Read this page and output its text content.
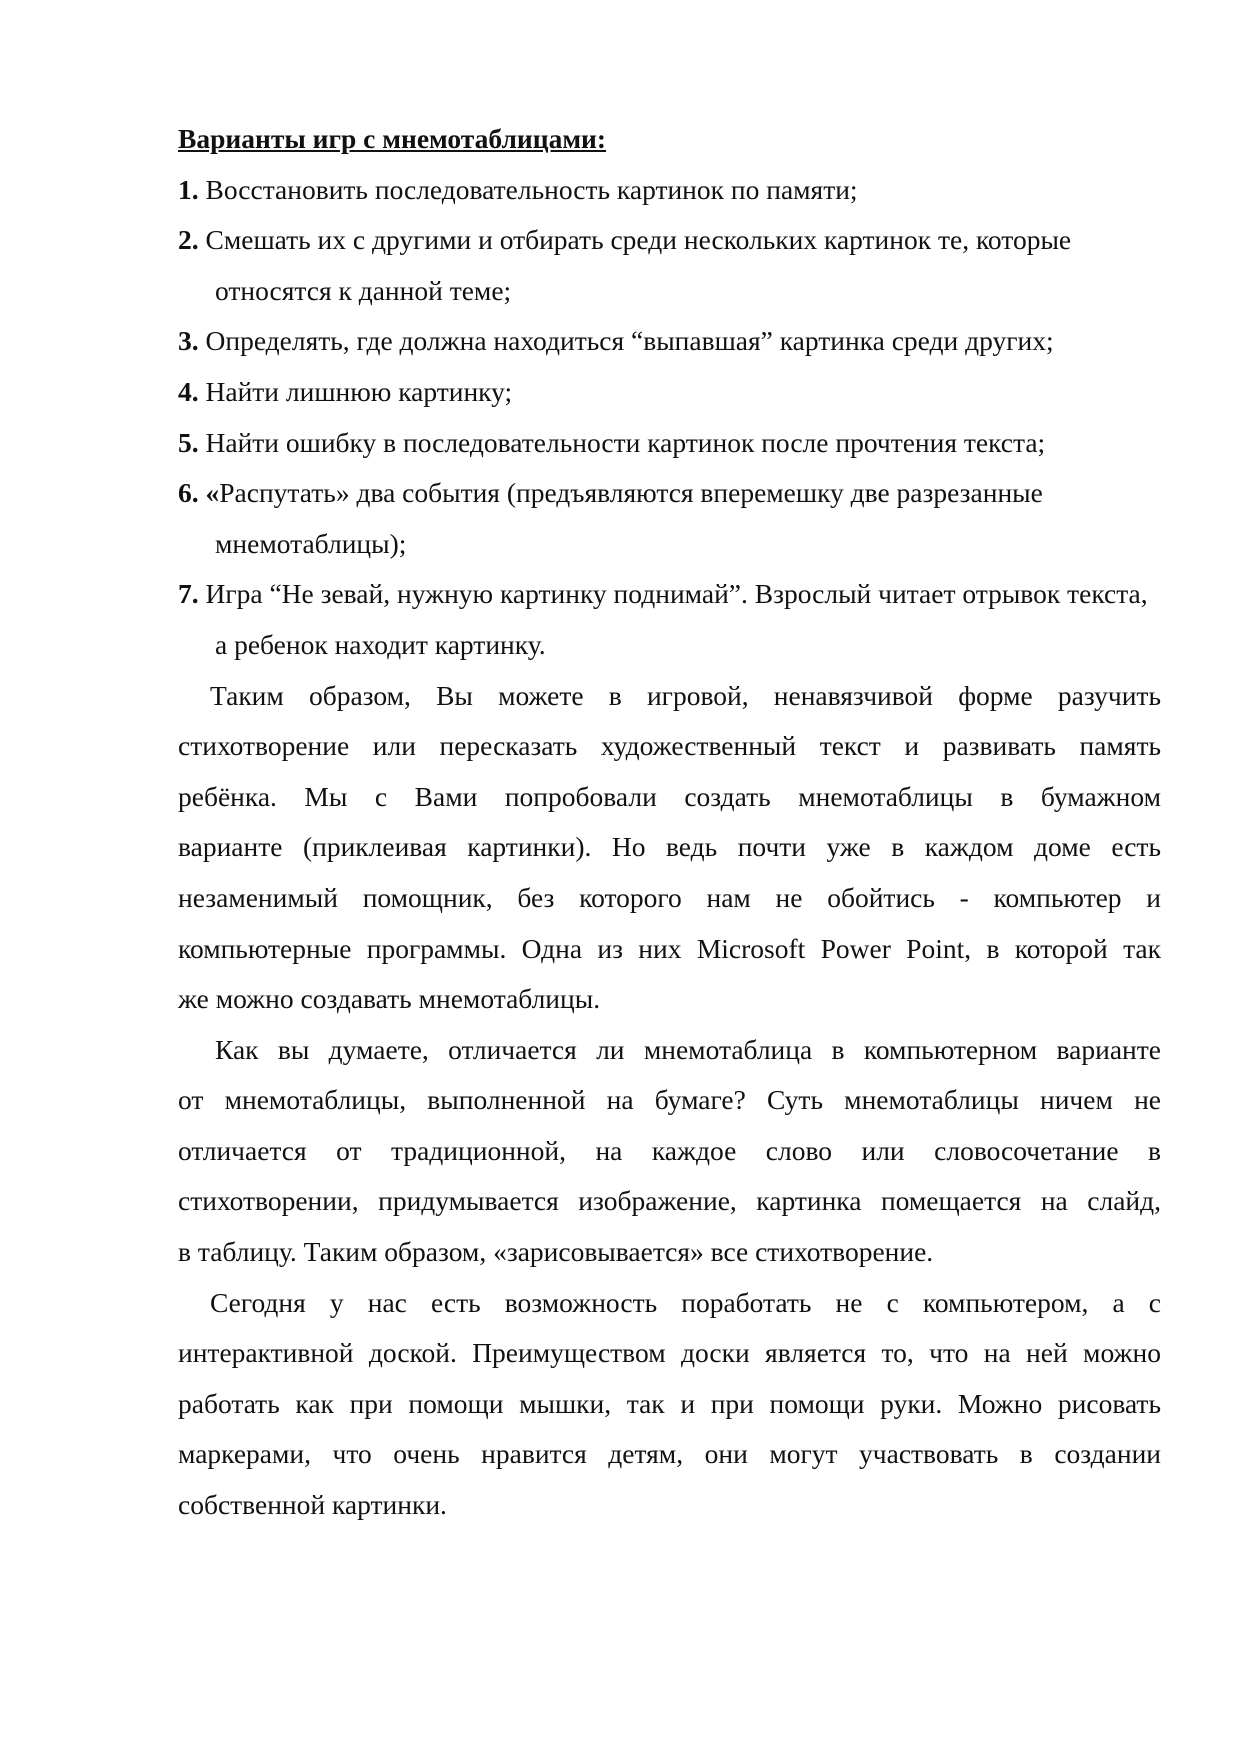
Варианты игр с мнемотаблицами:
1. Восстановить последовательность картинок по памяти;
2. Смешать их с другими и отбирать среди нескольких картинок те, которые относятся к данной теме;
3. Определять, где должна находиться “выпавшая” картинка среди других;
4. Найти лишнюю картинку;
5. Найти ошибку в последовательности картинок после прочтения текста;
6. «Распутать» два события (предъявляются вперемешку две разрезанные мнемотаблицы);
7. Игра “Не зевай, нужную картинку поднимай”. Взрослый читает отрывок текста, а ребенок находит картинку.
Таким образом, Вы можете в игровой, ненавязчивой форме разучить
стихотворение или пересказать художественный текст и развивать память
ребёнка. Мы с Вами попробовали создать мнемотаблицы в бумажном
варианте (приклеивая картинки). Но ведь почти уже в каждом доме есть
незаменимый помощник, без которого нам не обойтись - компьютер и
компьютерные программы. Одна из них Microsoft Power Point, в которой так
же можно создавать мнемотаблицы.
Как вы думаете, отличается ли мнемотаблица в компьютерном варианте
от мнемотаблицы, выполненной на бумаге? Суть мнемотаблицы ничем не
отличается от традиционной, на каждое слово или словосочетание в
стихотворении, придумывается изображение, картинка помещается на слайд,
в таблицу. Таким образом, «зарисовывается» все стихотворение.
Сегодня у нас есть возможность поработать не с компьютером, а с
интерактивной доской. Преимуществом доски является то, что на ней можно
работать как при помощи мышки, так и при помощи руки. Можно рисовать
маркерами, что очень нравится детям, они могут участвовать в создании
собственной картинки.
